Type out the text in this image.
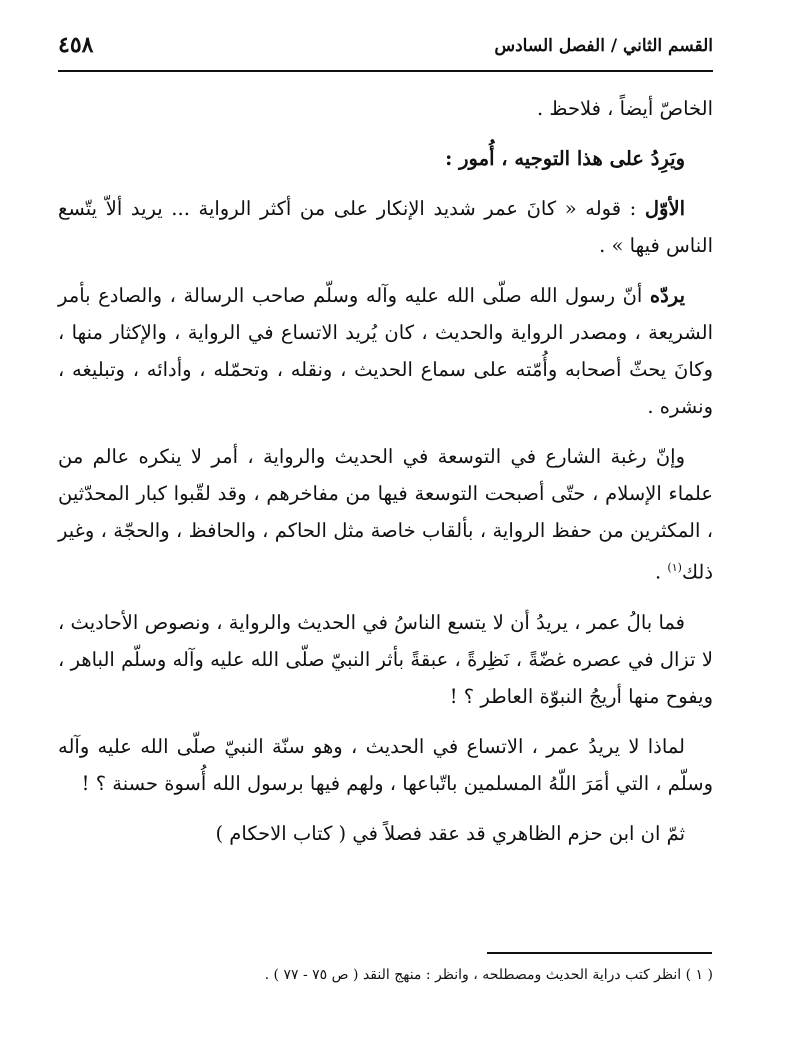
القسم الثاني / الفصل السادس
٤٥٨

الخاصّ أيضاً ، فلاحظ .

ويَرِدُ على هذا التوجيه ، أُمور :

الأوّل : قوله « كانَ عمر شديد الإنكار على من أكثر الرواية ... يريد ألاّ يتّسع الناس فيها » .

يردّه أنّ رسول الله صلّى الله عليه وآله وسلّم صاحب الرسالة ، والصادع بأمر الشريعة ، ومصدر الرواية والحديث ، كان يُريد الاتساع في الرواية ، والإكثار منها ، وكانَ يحثّ أصحابه وأُمّته على سماع الحديث ، ونقله ، وتحمّله ، وأدائه ، وتبليغه ، ونشره .

وإنّ رغبة الشارع في التوسعة في الحديث والرواية ، أمر لا ينكره عالم من علماء الإسلام ، حتّى أصبحت التوسعة فيها من مفاخرهم ، وقد لقّبوا كبار المحدّثين ، المكثرين من حفظ الرواية ، بألقاب خاصة مثل الحاكم ، والحافظ ، والحجّة ، وغير ذلك$^{(١)}$ .

فما بالُ عمر ، يريدُ أن لا يتسع الناسُ في الحديث والرواية ، ونصوص الأحاديث ، لا تزال في عصره غضّةً ، نَظِرةً ، عبقةً بأثر النبيّ صلّى الله عليه وآله وسلّم الباهر ، ويفوح منها أريجُ النبوّة العاطر ؟ !

لماذا لا يريدُ عمر ، الاتساع في الحديث ، وهو سنّة النبيّ صلّى الله عليه وآله وسلّم ، التي أمَرَ اللّهُ المسلمين باتّباعها ، ولهم فيها برسول الله أُسوة حسنة ؟ !

ثمّ ان ابن حزم الظاهري قد عقد فصلاً في ( كتاب الاحكام )

( ١ ) انظر كتب دراية الحديث ومصطلحه ، وانظر : منهج النقد ( ص ٧٥ - ٧٧ ) .
